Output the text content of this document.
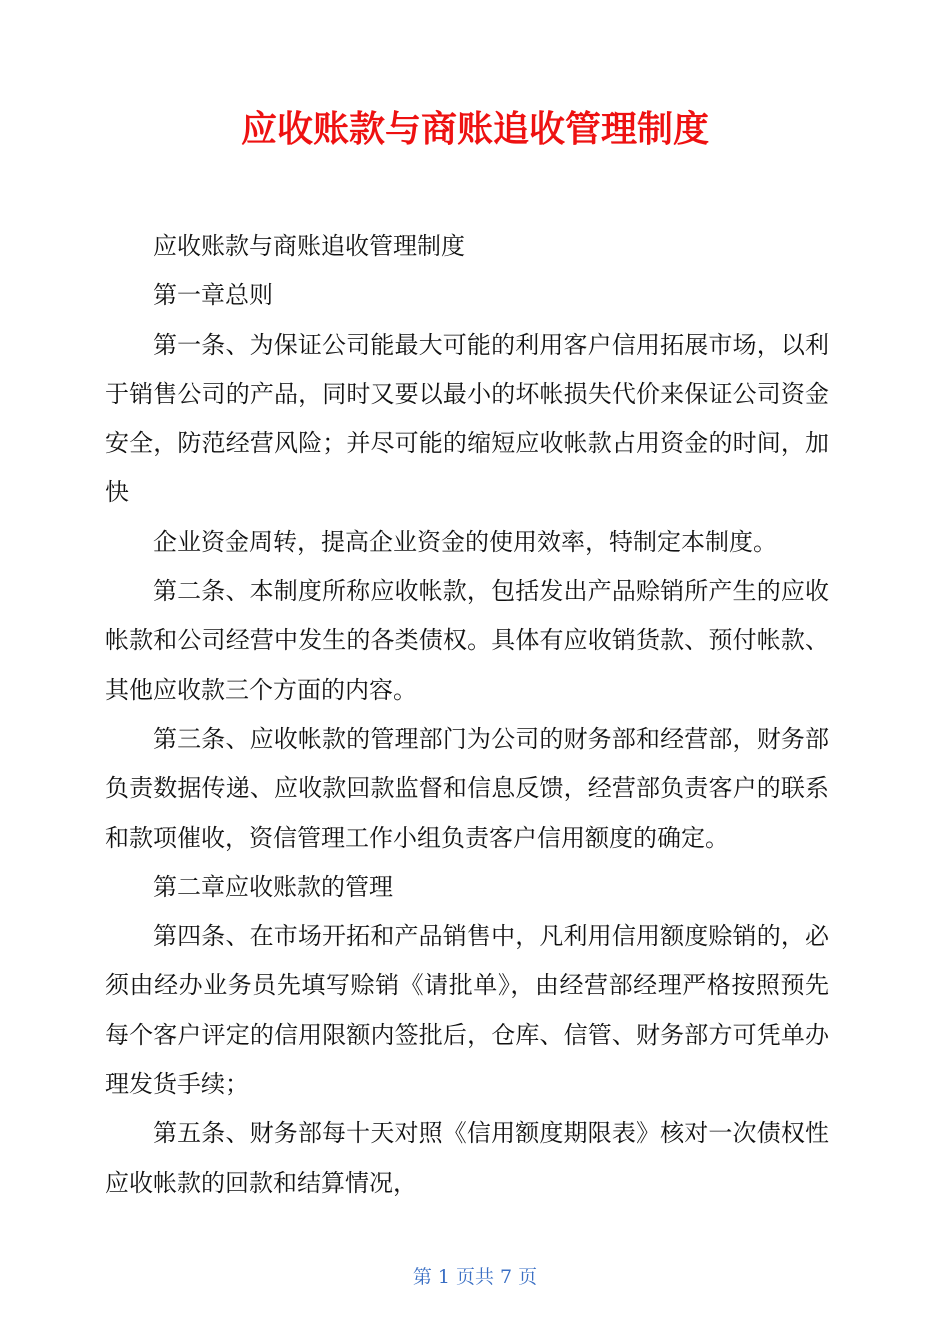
应收账款与商账追收管理制度

应收账款与商账追收管理制度

第一章总则

第一条、为保证公司能最大可能的利用客户信用拓展市场，以利于销售公司的产品，同时又要以最小的坏帐损失代价来保证公司资金安全，防范经营风险；并尽可能的缩短应收帐款占用资金的时间，加快

企业资金周转，提高企业资金的使用效率，特制定本制度。

第二条、本制度所称应收帐款，包括发出产品赊销所产生的应收帐款和公司经营中发生的各类债权。具体有应收销货款、预付帐款、其他应收款三个方面的内容。

第三条、应收帐款的管理部门为公司的财务部和经营部，财务部负责数据传递、应收款回款监督和信息反馈，经营部负责客户的联系和款项催收，资信管理工作小组负责客户信用额度的确定。

第二章应收账款的管理

第四条、在市场开拓和产品销售中，凡利用信用额度赊销的，必须由经办业务员先填写赊销《请批单》，由经营部经理严格按照预先每个客户评定的信用限额内签批后，仓库、信管、财务部方可凭单办理发货手续；

第五条、财务部每十天对照《信用额度期限表》核对一次债权性应收帐款的回款和结算情况，

第 1 页共 7 页
